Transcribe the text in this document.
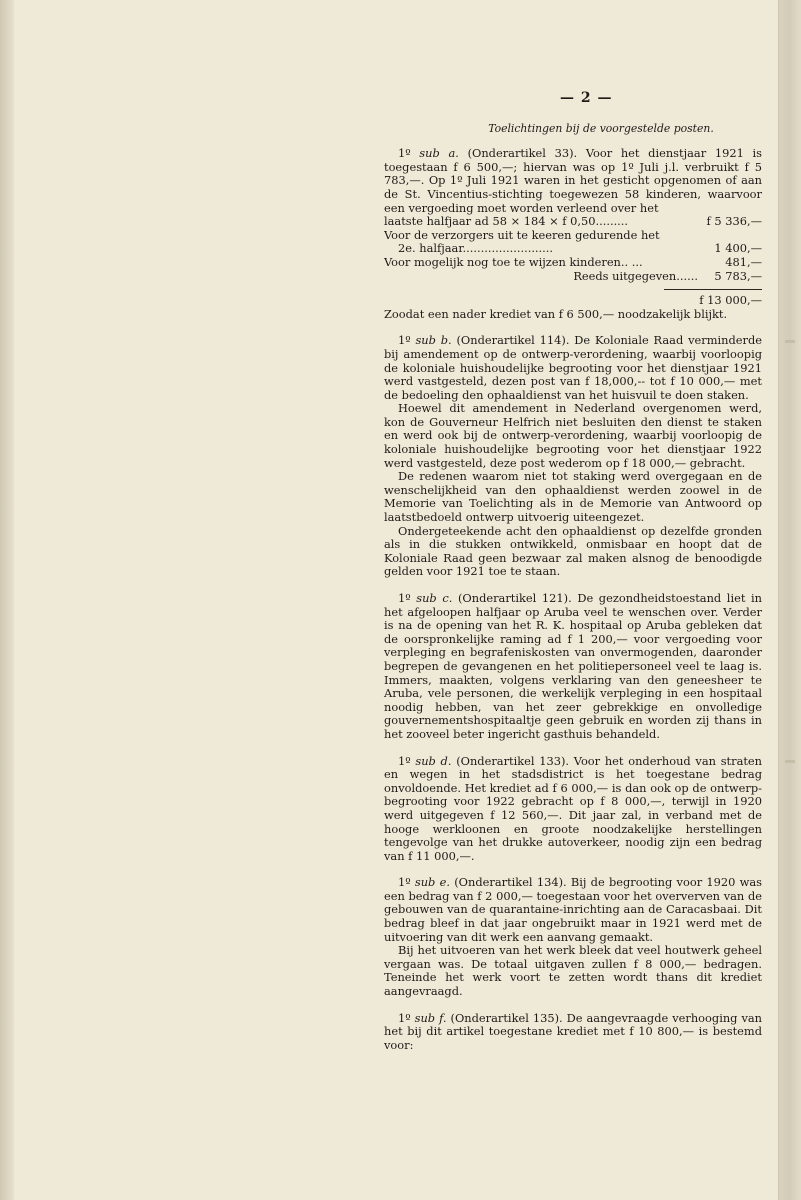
— 2 —
Toelichtingen bij de voorgestelde posten.

1º sub a. (Onderartikel 33). Voor het dienstjaar 1921 is toegestaan f 6 500,—; hiervan was op 1º Juli j.l. verbruikt f 5 783,—. Op 1º Juli 1921 waren in het gesticht opgenomen of aan de St. Vincentius-stichting toegewezen 58 kinderen, waarvoor een vergoeding moet worden verleend over het

laatste halfjaar ad 58 × 184 × f 0,50.........	f 5 336,—
Voor de verzorgers uit te keeren gedurende het
2e. halfjaar.........................	1 400,—
Voor mogelijk nog toe te wijzen kinderen.. ...	481,—
Reeds uitgegeven......	5 783,—
f 13 000,—

Zoodat een nader krediet van f 6 500,— noodzakelijk blijkt.

1º sub b. (Onderartikel 114). De Koloniale Raad verminderde bij amendement op de ontwerp-verordening, waarbij voorloopig de koloniale huishoudelijke begrooting voor het dienstjaar 1921 werd vastgesteld, dezen post van f 18,000,-- tot f 10 000,— met de bedoeling den ophaaldienst van het huisvuil te doen staken.

Hoewel dit amendement in Nederland overgenomen werd, kon de Gouverneur Helfrich niet besluiten den dienst te staken en werd ook bij de ontwerp-verordening, waarbij voorloopig de koloniale huishoudelijke begrooting voor het dienstjaar 1922 werd vastgesteld, deze post wederom op f 18 000,— gebracht.

De redenen waarom niet tot staking werd overgegaan en de wenschelijkheid van den ophaaldienst werden zoowel in de Memorie van Toelichting als in de Memorie van Antwoord op laatstbedoeld ontwerp uitvoerig uiteengezet.

Ondergeteekende acht den ophaaldienst op dezelfde gronden als in die stukken ontwikkeld, onmisbaar en hoopt dat de Koloniale Raad geen bezwaar zal maken alsnog de benoodigde gelden voor 1921 toe te staan.

1º sub c. (Onderartikel 121). De gezondheidstoestand liet in het afgeloopen halfjaar op Aruba veel te wenschen over. Verder is na de opening van het R. K. hospitaal op Aruba gebleken dat de oorspronkelijke raming ad f 1 200,— voor vergoeding voor verpleging en begrafeniskosten van onvermogenden, daaronder begrepen de gevangenen en het politiepersoneel veel te laag is. Immers, maakten, volgens verklaring van den geneesheer te Aruba, vele personen, die werkelijk verpleging in een hospitaal noodig hebben, van het zeer gebrekkige en onvolledige gouvernementshospitaaltje geen gebruik en worden zij thans in het zooveel beter ingericht gasthuis behandeld.

1º sub d. (Onderartikel 133). Voor het onderhoud van straten en wegen in het stadsdistrict is het toegestane bedrag onvoldoende. Het krediet ad f 6 000,— is dan ook op de ontwerp-begrooting voor 1922 gebracht op f 8 000,—, terwijl in 1920 werd uitgegeven f 12 560,—. Dit jaar zal, in verband met de hooge werkloonen en groote noodzakelijke herstellingen tengevolge van het drukke autoverkeer, noodig zijn een bedrag van f 11 000,—.

1º sub e. (Onderartikel 134). Bij de begrooting voor 1920 was een bedrag van f 2 000,— toegestaan voor het oververven van de gebouwen van de quarantaine-inrichting aan de Caracasbaai. Dit bedrag bleef in dat jaar ongebruikt maar in 1921 werd met de uitvoering van dit werk een aanvang gemaakt.

Bij het uitvoeren van het werk bleek dat veel houtwerk geheel vergaan was. De totaal uitgaven zullen f 8 000,— bedragen. Teneinde het werk voort te zetten wordt thans dit krediet aangevraagd.

1º sub f. (Onderartikel 135). De aangevraagde verhooging van het bij dit artikel toegestane krediet met f 10 800,— is bestemd voor:
